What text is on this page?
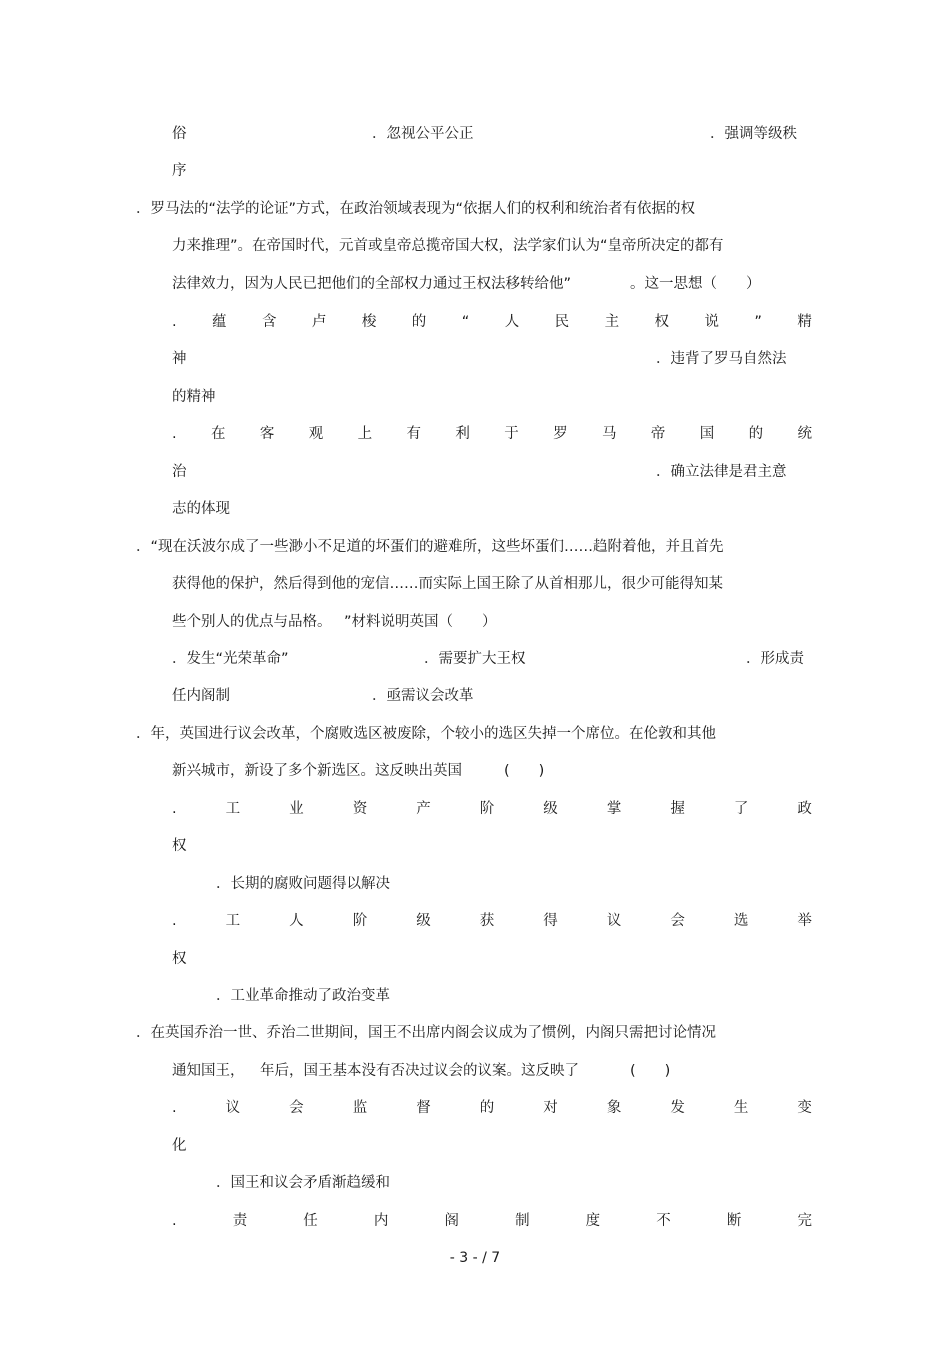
俗	．忽视公平公正	．强调等级秩
序
．罗马法的“法学的论证”方式，在政治领域表现为“依据人们的权利和统治者有依据的权
力来推理”。在帝国时代，元首或皇帝总揽帝国大权，法学家们认为“皇帝所决定的都有
法律效力，因为人民已把他们的全部权力通过王权法移转给他”	。这一思想（　　）
. 蕴 含 卢 梭 的 “ 人 民 主 权 说 ” 精
神	．违背了罗马自然法
的精神
. 在 客 观 上 有 利 于 罗 马 帝 国 的 统
治	．确立法律是君主意
志的体现
．“现在沃波尔成了一些渺小不足道的坏蛋们的避难所，这些坏蛋们……趋附着他，并且首先
获得他的保护，然后得到他的宠信……而实际上国王除了从首相那儿，很少可能得知某
些个别人的优点与品格。 ”材料说明英国（　　）
．发生“光荣革命”	．需要扩大王权	．形成责
任内阁制	．亟需议会改革
．年，英国进行议会改革，个腐败选区被废除，个较小的选区失掉一个席位。在伦敦和其他
新兴城市，新设了多个新选区。这反映出英国	(　　)
.	工	业	资	产	阶	级	掌	握	了	政
权
．长期的腐败问题得以解决
.	工	人	阶	级	获	得	议	会	选	举
权
．工业革命推动了政治变革
．在英国乔治一世、乔治二世期间，国王不出席内阁会议成为了惯例，内阁只需把讨论情况
通知国王， 年后，国王基本没有否决过议会的议案。这反映了	(　　)
.	议	会	监	督	的	对	象	发	生	变
化
．国王和议会矛盾渐趋缓和
.	责	任	内	阁	制	度	不	断	完
- 3 - / 7
